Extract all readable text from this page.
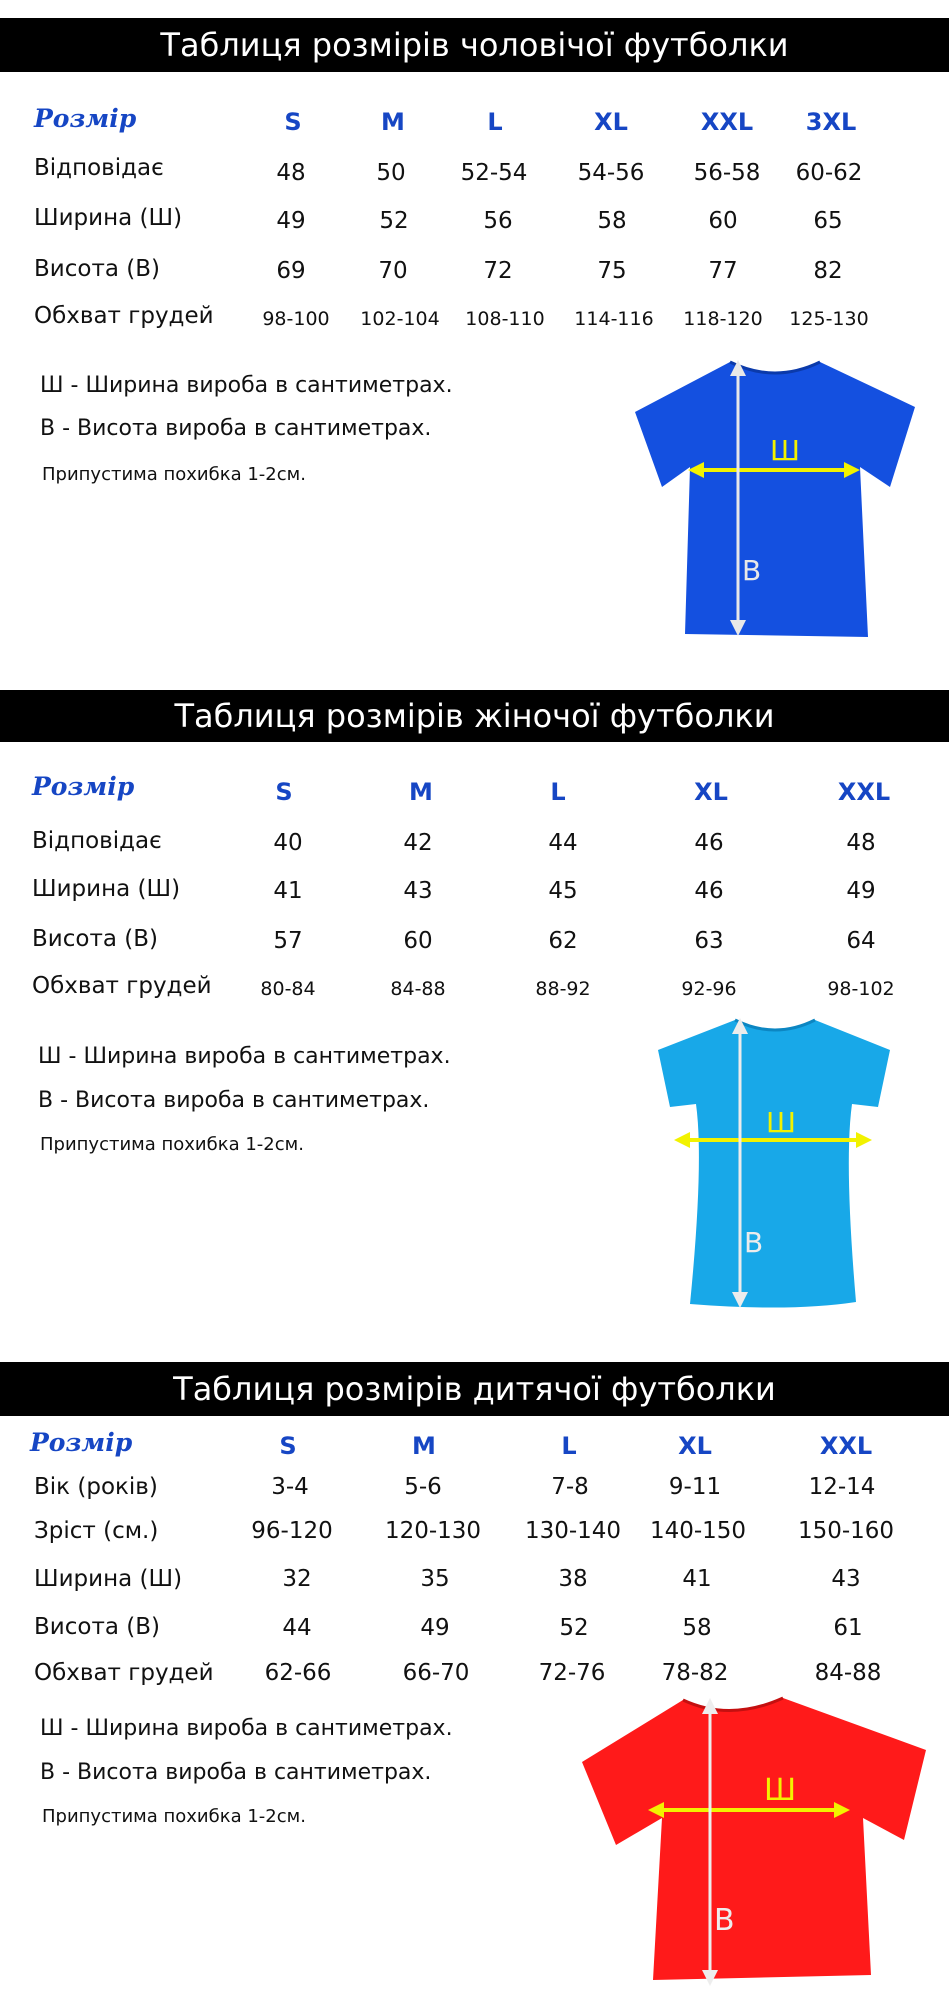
Таблиця розмірів чоловічої футболки
Розмір	S	M	L	XL	XXL 3XL
Відповідає	48	50 52-54 54-56 56-58 60-62
Ширина (Ш)	49	52	56	58	60	65
Висота (В)	69	70	72	75	77	82
Обхват грудей	98-100 102-104 108-110 114-116 118-120 125-130
Ш - Ширина вироба в сантиметрах.
В - Висота вироба в сантиметрах.
Припустима похибка 1-2см.
Ш
В
Таблиця розмірів жіночої футболки
Розмір	S	M	L	XL	XXL
Відповідає	40	42	44	46	48
Ширина (Ш)	41	43	45	46	49
Висота (В)	57	60	62	63	64
Обхват грудей	80-84	84-88	88-92	92-96	98-102
Ш - Ширина вироба в сантиметрах.
В - Висота вироба в сантиметрах.
Припустима похибка 1-2см.
Ш
В
Таблиця розмірів дитячої футболки
Розмір	S	M	L	XL	XXL
Вік (років)	3-4	5-6	7-8	9-11	12-14
Зріст (см.)	96-120 120-130 130-140 140-150 150-160
Ширина (Ш)	32	35	38	41	43
Висота (В)	44	49	52	58	61
Обхват грудей 62-66	66-70	72-76 78-82	84-88
Ш - Ширина вироба в сантиметрах.
В - Висота вироба в сантиметрах.
Припустима похибка 1-2см.
Ш
В
